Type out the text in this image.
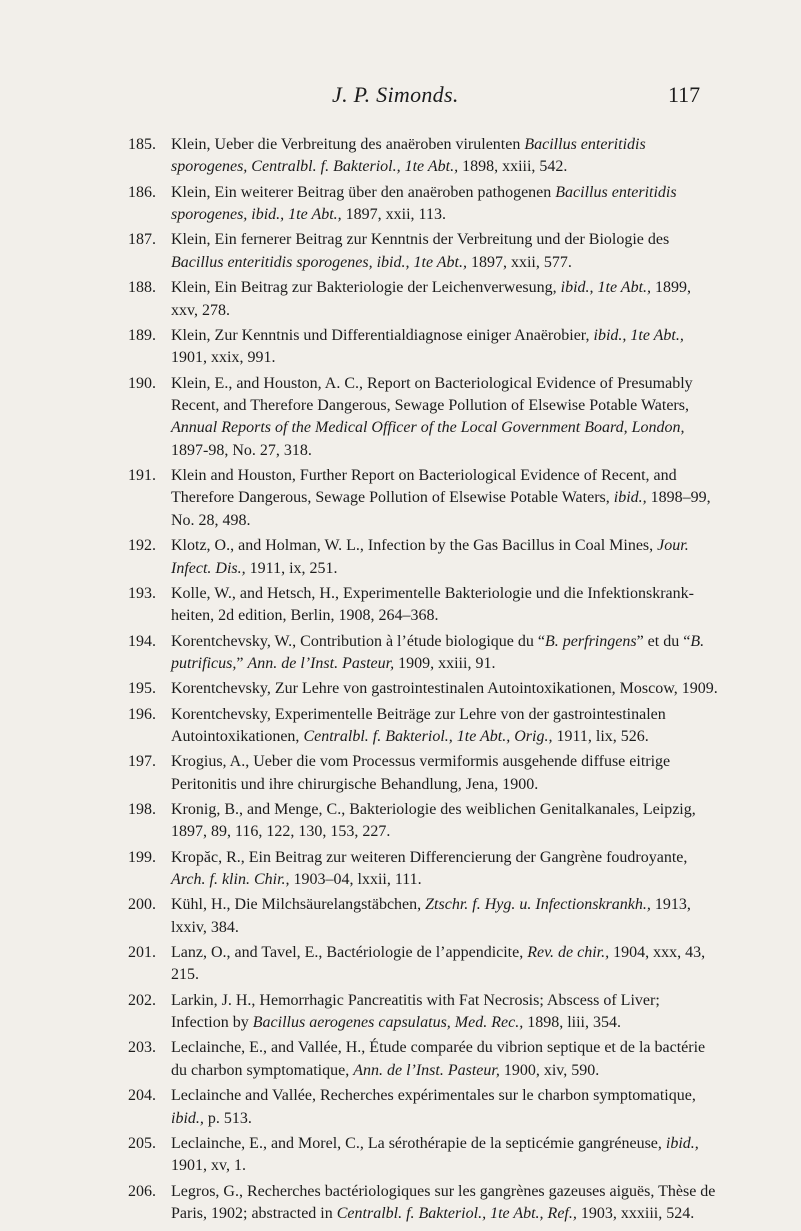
J. P. Simonds.	117
185. Klein, Ueber die Verbreitung des anaëroben virulenten Bacillus enteritidis sporogenes, Centralbl. f. Bakteriol., 1te Abt., 1898, xxiii, 542.
186. Klein, Ein weiterer Beitrag über den anaëroben pathogenen Bacillus enteritidis sporogenes, ibid., 1te Abt., 1897, xxii, 113.
187. Klein, Ein fernerer Beitrag zur Kenntnis der Verbreitung und der Biologie des Bacillus enteritidis sporogenes, ibid., 1te Abt., 1897, xxii, 577.
188. Klein, Ein Beitrag zur Bakteriologie der Leichenverwesung, ibid., 1te Abt., 1899, xxv, 278.
189. Klein, Zur Kenntnis und Differentialdiagnose einiger Anaërobier, ibid., 1te Abt., 1901, xxix, 991.
190. Klein, E., and Houston, A. C., Report on Bacteriological Evidence of Presumably Recent, and Therefore Dangerous, Sewage Pollution of Elsewise Potable Waters, Annual Reports of the Medical Officer of the Local Government Board, London, 1897-98, No. 27, 318.
191. Klein and Houston, Further Report on Bacteriological Evidence of Recent, and Therefore Dangerous, Sewage Pollution of Elsewise Potable Waters, ibid., 1898–99, No. 28, 498.
192. Klotz, O., and Holman, W. L., Infection by the Gas Bacillus in Coal Mines, Jour. Infect. Dis., 1911, ix, 251.
193. Kolle, W., and Hetsch, H., Experimentelle Bakteriologie und die Infektionskrankheiten, 2d edition, Berlin, 1908, 264–368.
194. Korentchevsky, W., Contribution à l’étude biologique du “B. perfringens” et du “B. putrificus,” Ann. de l’Inst. Pasteur, 1909, xxiii, 91.
195. Korentchevsky, Zur Lehre von gastrointestinalen Autointoxikationen, Moscow, 1909.
196. Korentchevsky, Experimentelle Beiträge zur Lehre von der gastrointestinalen Autointoxikationen, Centralbl. f. Bakteriol., 1te Abt., Orig., 1911, lix, 526.
197. Krogius, A., Ueber die vom Processus vermiformis ausgehende diffuse eitrige Peritonitis und ihre chirurgische Behandlung, Jena, 1900.
198. Kronig, B., and Menge, C., Bakteriologie des weiblichen Genitalkanales, Leipzig, 1897, 89, 116, 122, 130, 153, 227.
199. Kropăc, R., Ein Beitrag zur weiteren Differencierung der Gangrène foudroyante, Arch. f. klin. Chir., 1903–04, lxxii, 111.
200. Kühl, H., Die Milchsäurelangstäbchen, Ztschr. f. Hyg. u. Infectionskrankh., 1913, lxxiv, 384.
201. Lanz, O., and Tavel, E., Bactériologie de l’appendicite, Rev. de chir., 1904, xxx, 43, 215.
202. Larkin, J. H., Hemorrhagic Pancreatitis with Fat Necrosis; Abscess of Liver; Infection by Bacillus aerogenes capsulatus, Med. Rec., 1898, liii, 354.
203. Leclainche, E., and Vallée, H., Étude comparée du vibrion septique et de la bactérie du charbon symptomatique, Ann. de l’Inst. Pasteur, 1900, xiv, 590.
204. Leclainche and Vallée, Recherches expérimentales sur le charbon symptomatique, ibid., p. 513.
205. Leclainche, E., and Morel, C., La sérothérapie de la septicémie gangréneuse, ibid., 1901, xv, 1.
206. Legros, G., Recherches bactériologiques sur les gangrènes gazeuses aiguës, Thèse de Paris, 1902; abstracted in Centralbl. f. Bakteriol., 1te Abt., Ref., 1903, xxxiii, 524.
